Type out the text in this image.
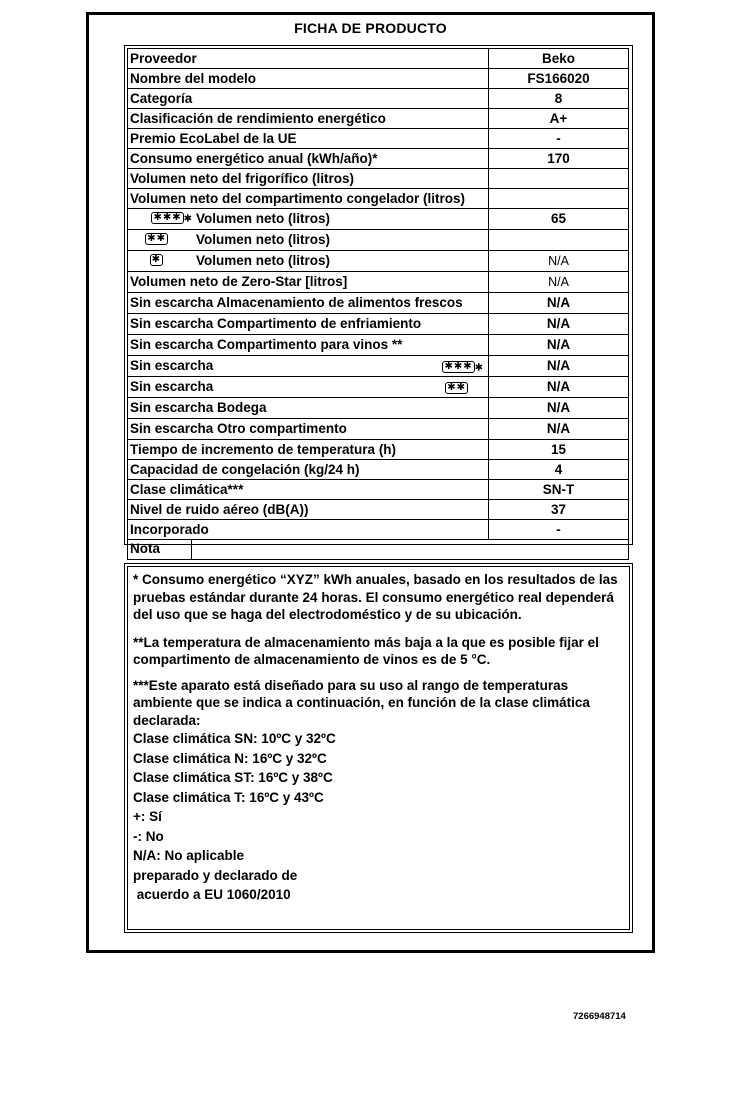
FICHA DE PRODUCTO
Proveedor	Beko
Nombre del modelo	FS166020
Categoría	8
Clasificación de rendimiento energético	A+
Premio EcoLabel de la UE	-
Consumo energético anual (kWh/año)*	170
Volumen neto del frigorífico (litros)	
Volumen neto del compartimento congelador (litros)	
✱✱✱ ✱ Volumen neto (litros)	65
✱✱ Volumen neto (litros)	
✱ Volumen neto (litros)	N/A
Volumen neto de Zero-Star [litros]	N/A
Sin escarcha Almacenamiento de alimentos frescos	N/A
Sin escarcha Compartimento de enfriamiento	N/A
Sin escarcha Compartimento para vinos **	N/A
Sin escarcha ✱✱✱ ✱	N/A
Sin escarcha ✱✱	N/A
Sin escarcha Bodega	N/A
Sin escarcha Otro compartimento	N/A
Tiempo de incremento de temperatura (h)	15
Capacidad de congelación (kg/24 h)	4
Clase climática***	SN-T
Nivel de ruido aéreo (dB(A))	37
Incorporado	-
Nota	

* Consumo energético “XYZ” kWh anuales, basado en los resultados de las pruebas estándar durante 24 horas. El consumo energético real dependerá del uso que se haga del electrodoméstico y de su ubicación.

**La temperatura de almacenamiento más baja a la que es posible fijar el compartimento de almacenamiento de vinos es de 5 °C.

***Este aparato está diseñado para su uso al rango de temperaturas ambiente que se indica a continuación, en función de la clase climática declarada:

Clase climática SN: 10ºC y 32ºC

Clase climática N: 16ºC y 32ºC

Clase climática ST: 16ºC y 38ºC

Clase climática T: 16ºC y 43ºC

+: Sí

-: No

N/A: No aplicable

preparado y declarado de

acuerdo a EU 1060/2010

7266948714
